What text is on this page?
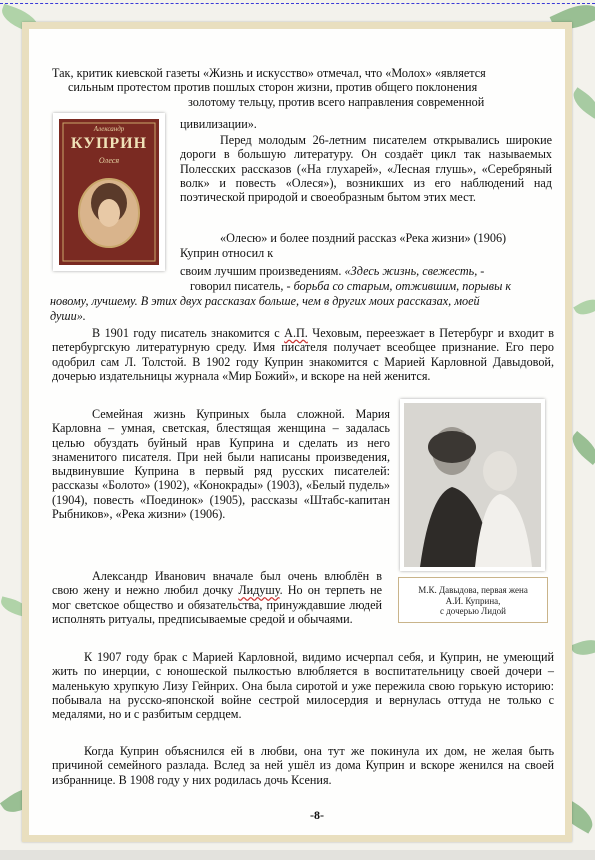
Так, критик киевской газеты «Жизнь и искусство» отмечал, что «Молох» «является
сильным протестом против пошлых сторон жизни, против общего поклонения
золотому тельцу, против всего направления современной
цивилизации».
Александр
КУПРИН
Олеся
Перед молодым 26-летним писателем открывались широкие дороги в большую литературу. Он создаёт цикл так называемых Полесских рассказов («На глухарей», «Лесная глушь», «Серебряный волк» и повесть «Олеся»), возникших из его наблюдений над поэтической природой и своеобразным бытом этих мест.
«Олесю» и более поздний рассказ «Река жизни» (1906)
Куприн относил к
своим лучшим произведениям. «Здесь жизнь, свежесть, -
говорил писатель, - борьба со старым, отжившим, порывы к
новому, лучшему. В этих двух рассказах больше, чем в других моих рассказах, моей
души».
В 1901 году писатель знакомится с А.П. Чеховым, переезжает в Петербург и входит в петербургскую литературную среду. Имя писателя получает всеобщее признание. Его перо одобрил сам Л. Толстой. В 1902 году Куприн знакомится с Марией Карловной Давыдовой, дочерью издательницы журнала «Мир Божий», и вскоре на ней женится.
М.К. Давыдова, первая жена
А.И. Куприна,
с дочерью Лидой
Семейная жизнь Куприных была сложной. Мария Карловна – умная, светская, блестящая женщина – задалась целью обуздать буйный нрав Куприна и сделать из него знаменитого писателя. При ней были написаны произведения, выдвинувшие Куприна в первый ряд русских писателей: рассказы «Болото» (1902), «Конокрады» (1903), «Белый пудель» (1904), повесть «Поединок» (1905), рассказы «Штабс-капитан Рыбников», «Река жизни» (1906).
Александр Иванович вначале был очень влюблён в свою жену и нежно любил дочку Лидушу. Но он терпеть не мог светское общество и обязательства, принуждавшие людей исполнять ритуалы, предписываемые средой и обычаями.
К 1907 году брак с Марией Карловной, видимо исчерпал себя, и Куприн, не умеющий жить по инерции, с юношеской пылкостью влюбляется в воспитательницу своей дочери – маленькую хрупкую Лизу Гейнрих. Она была сиротой и уже пережила свою горькую историю: побывала на русско-японской войне сестрой милосердия и вернулась оттуда не только с медалями, но и с разбитым сердцем.
Когда Куприн объяснился ей в любви, она тут же покинула их дом, не желая быть причиной семейного разлада. Вслед за ней ушёл из дома Куприн и вскоре женился на своей избраннице. В 1908 году у них родилась дочь Ксения.
-8-
